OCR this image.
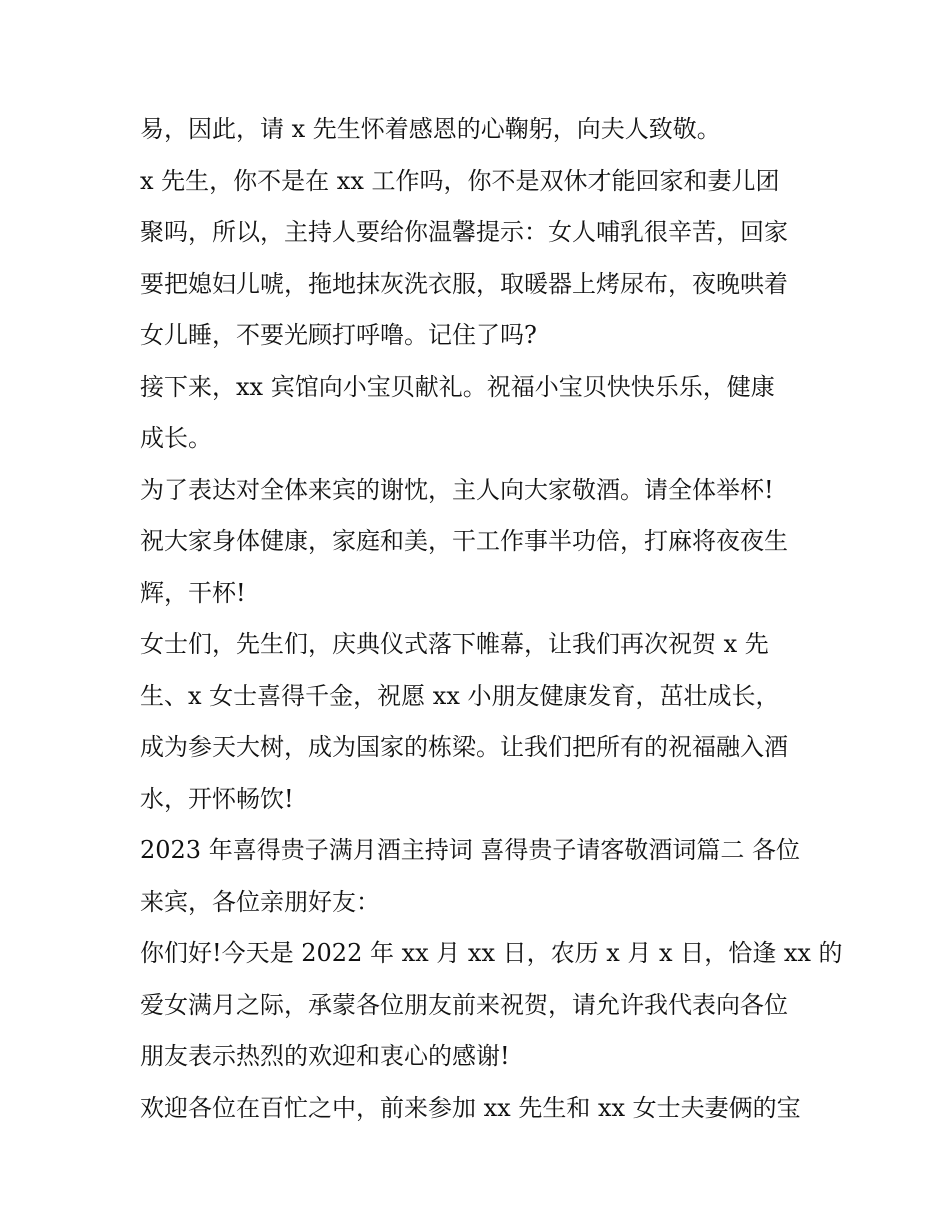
易，因此，请 x 先生怀着感恩的心鞠躬，向夫人致敬。
x 先生，你不是在 xx 工作吗，你不是双休才能回家和妻儿团
聚吗，所以，主持人要给你温馨提示：女人哺乳很辛苦，回家
要把媳妇儿唬，拖地抹灰洗衣服，取暖器上烤尿布，夜晚哄着
女儿睡，不要光顾打呼噜。记住了吗?
接下来，xx 宾馆向小宝贝献礼。祝福小宝贝快快乐乐，健康
成长。
为了表达对全体来宾的谢忱，主人向大家敬酒。请全体举杯!
祝大家身体健康，家庭和美，干工作事半功倍，打麻将夜夜生
辉，干杯!
女士们，先生们，庆典仪式落下帷幕，让我们再次祝贺 x 先
生、x 女士喜得千金，祝愿 xx 小朋友健康发育，茁壮成长，
成为参天大树，成为国家的栋梁。让我们把所有的祝福融入酒
水，开怀畅饮!
2023 年喜得贵子满月酒主持词 喜得贵子请客敬酒词篇二 各位
来宾，各位亲朋好友：
你们好!今天是 2022 年 xx 月 xx 日，农历 x 月 x 日，恰逢 xx 的
爱女满月之际，承蒙各位朋友前来祝贺，请允许我代表向各位
朋友表示热烈的欢迎和衷心的感谢!
欢迎各位在百忙之中，前来参加 xx 先生和 xx 女士夫妻俩的宝
